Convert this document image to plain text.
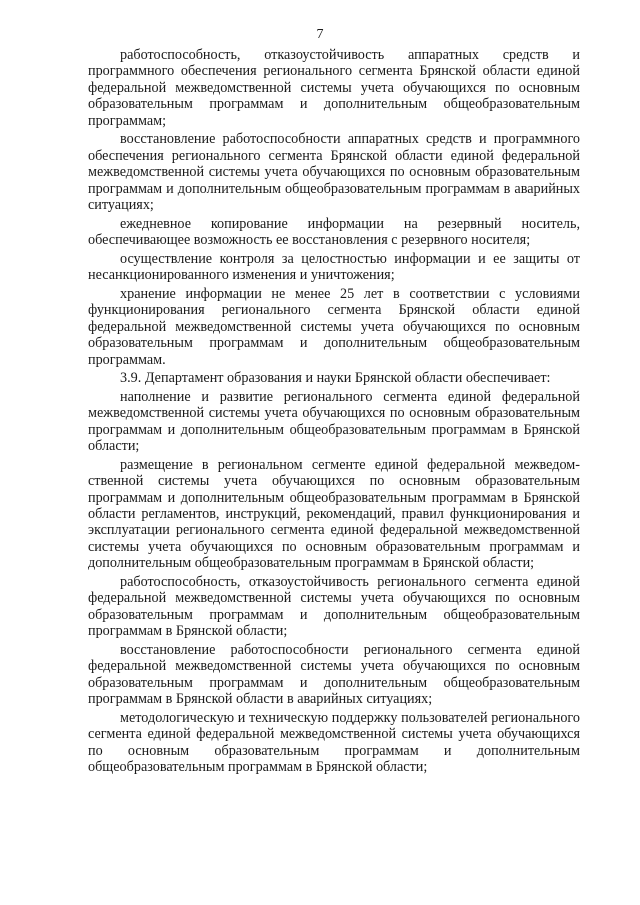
7

работоспособность, отказоустойчивость аппаратных средств и программного обеспечения регионального сегмента Брянской области единой федеральной межведомственной системы учета обучающихся по основным образовательным программам и дополнительным общеобразовательным программам;

восстановление работоспособности аппаратных средств и программного обеспечения регионального сегмента Брянской области единой федеральной межведомственной системы учета обучающихся по основным образовательным программам и дополнительным общеобразовательным программам в аварийных ситуациях;

ежедневное копирование информации на резервный носитель, обеспечивающее возможность ее восстановления с резервного носителя;

осуществление контроля за целостностью информации и ее защиты от несанкционированного изменения и уничтожения;

хранение информации не менее 25 лет в соответствии с условиями функционирования регионального сегмента Брянской области единой федеральной межведомственной системы учета обучающихся по основным образовательным программам и дополнительным общеобразовательным программам.

3.9. Департамент образования и науки Брянской области обеспечивает:

наполнение и развитие регионального сегмента единой федеральной межведомственной системы учета обучающихся по основным образовательным программам и дополнительным общеобразовательным программам в Брянской области;

размещение в региональном сегменте единой федеральной межведомственной системы учета обучающихся по основным образовательным программам и дополнительным общеобразовательным программам в Брянской области регламентов, инструкций, рекомендаций, правил функционирования и эксплуатации регионального сегмента единой федеральной межведомственной системы учета обучающихся по основным образовательным программам и дополнительным общеобразовательным программам в Брянской области;

работоспособность, отказоустойчивость регионального сегмента единой федеральной межведомственной системы учета обучающихся по основным образовательным программам и дополнительным общеобразовательным программам в Брянской области;

восстановление работоспособности регионального сегмента единой федеральной межведомственной системы учета обучающихся по основным образовательным программам и дополнительным общеобразовательным программам в Брянской области в аварийных ситуациях;

методологическую и техническую поддержку пользователей регионального сегмента единой федеральной межведомственной системы учета обучающихся по основным образовательным программам и дополнительным общеобразовательным программам в Брянской области;
